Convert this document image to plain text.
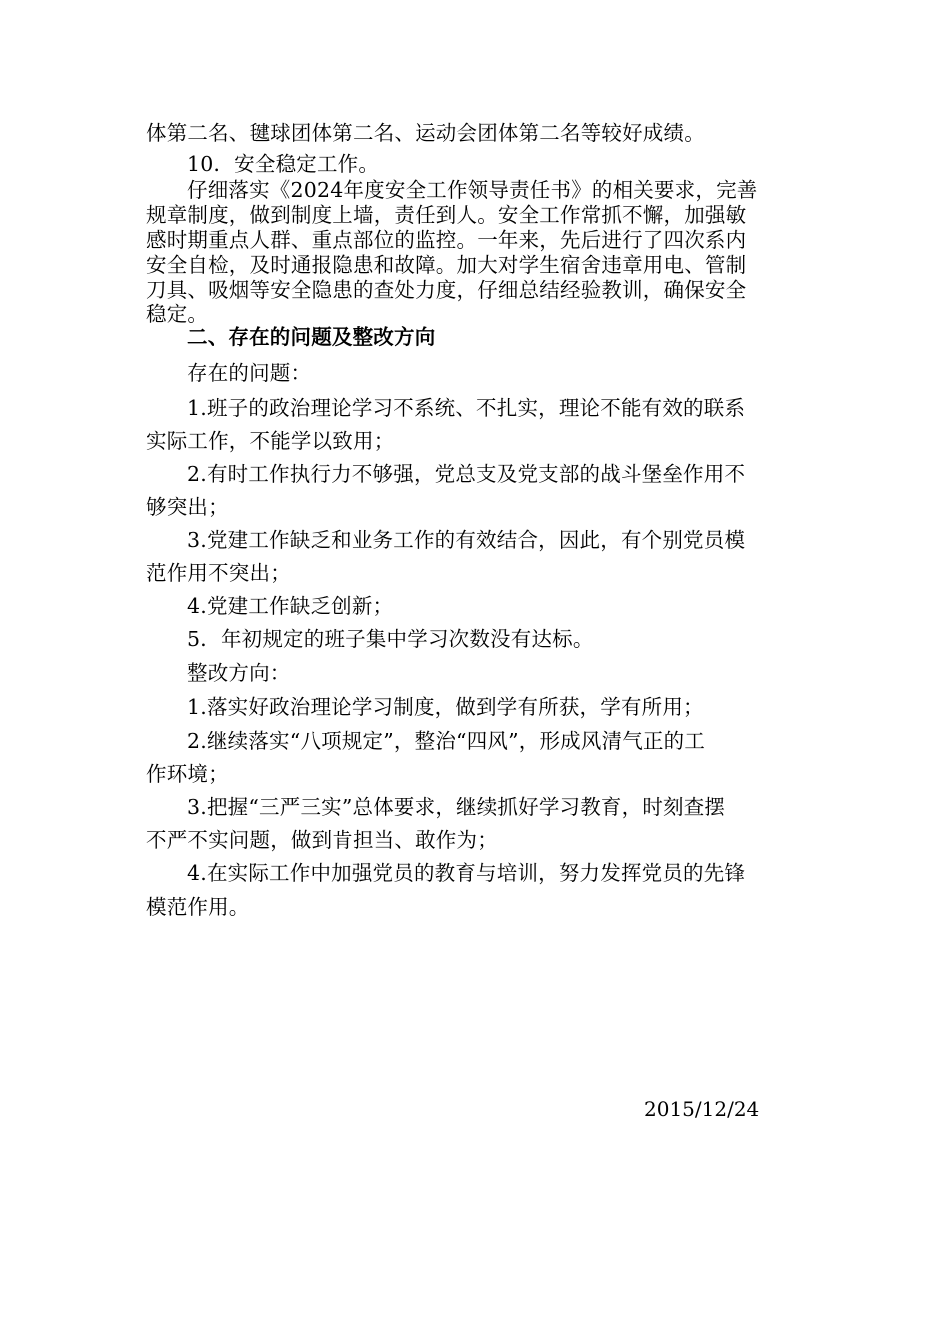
体第二名、毽球团体第二名、运动会团体第二名等较好成绩。
10．安全稳定工作。
仔细落实《2024年度安全工作领导责任书》的相关要求，完善
规章制度，做到制度上墙，责任到人。安全工作常抓不懈，加强敏
感时期重点人群、重点部位的监控。一年来，先后进行了四次系内
安全自检，及时通报隐患和故障。加大对学生宿舍违章用电、管制
刀具、吸烟等安全隐患的查处力度，仔细总结经验教训，确保安全
稳定。
二、存在的问题及整改方向
存在的问题：
1.班子的政治理论学习不系统、不扎实，理论不能有效的联系
实际工作，不能学以致用；
2.有时工作执行力不够强，党总支及党支部的战斗堡垒作用不
够突出；
3.党建工作缺乏和业务工作的有效结合，因此，有个别党员模
范作用不突出；
4.党建工作缺乏创新；
5．年初规定的班子集中学习次数没有达标。
整改方向：
1.落实好政治理论学习制度，做到学有所获，学有所用；
2.继续落实“八项规定”，整治“四风”，形成风清气正的工
作环境；
3.把握“三严三实”总体要求，继续抓好学习教育，时刻查摆
不严不实问题，做到肯担当、敢作为；
4.在实际工作中加强党员的教育与培训，努力发挥党员的先锋
模范作用。
2015/12/24
